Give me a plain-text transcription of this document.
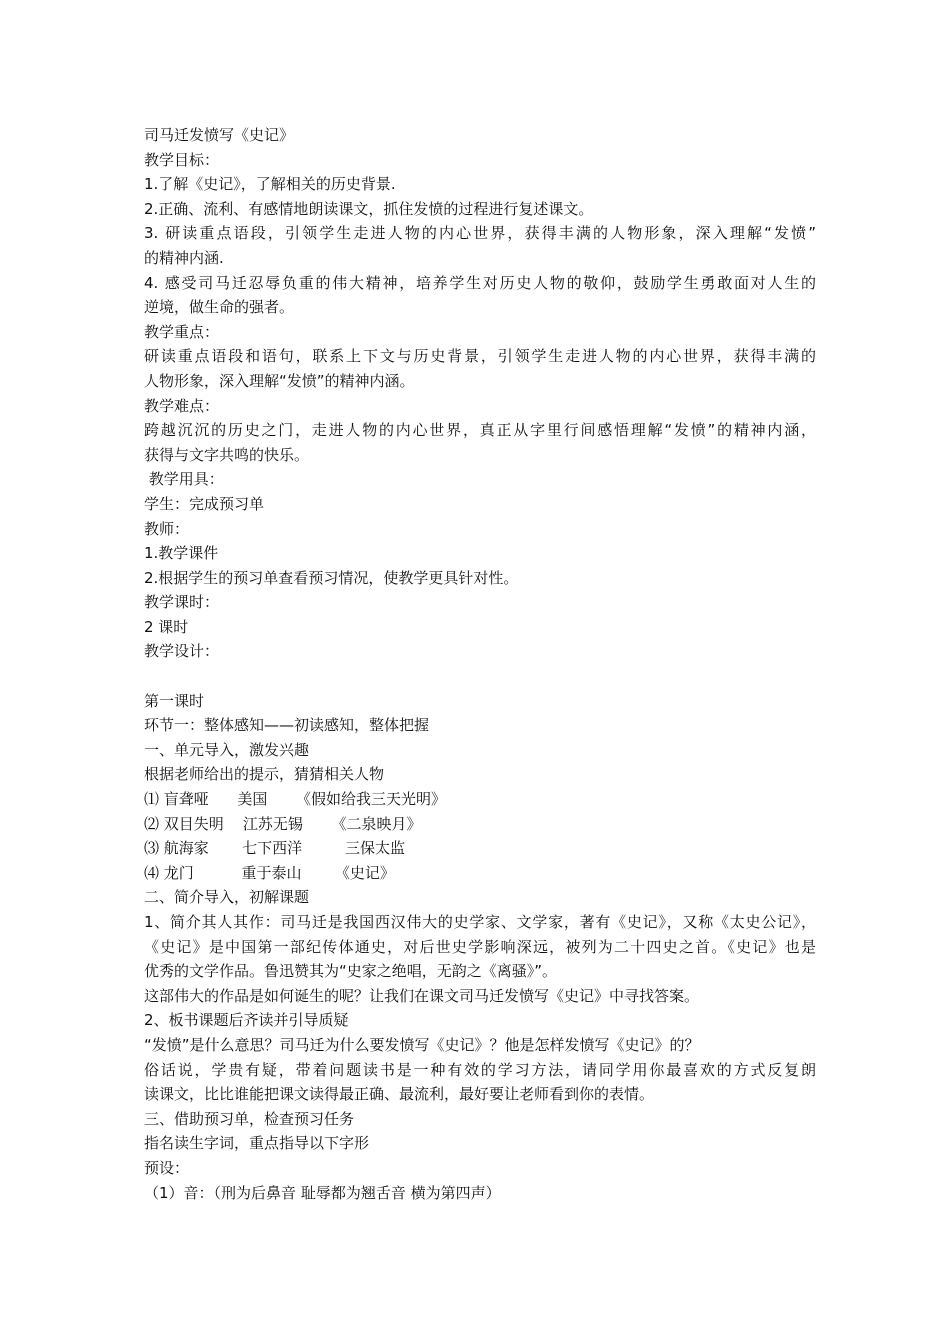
司马迁发愤写《史记》
教学目标：
1.了解《史记》，了解相关的历史背景.
2.正确、流利、有感情地朗读课文，抓住发愤的过程进行复述课文。
3. 研读重点语段，引领学生走进人物的内心世界，获得丰满的人物形象，深入理解“发愤”
的精神内涵.
4. 感受司马迁忍辱负重的伟大精神，培养学生对历史人物的敬仰，鼓励学生勇敢面对人生的
逆境，做生命的强者。
教学重点：
研读重点语段和语句，联系上下文与历史背景，引领学生走进人物的内心世界，获得丰满的
人物形象，深入理解“发愤”的精神内涵。
教学难点：
跨越沉沉的历史之门，走进人物的内心世界，真正从字里行间感悟理解“发愤”的精神内涵，
获得与文字共鸣的快乐。
教学用具：
学生：完成预习单
教师：
1.教学课件
2.根据学生的预习单查看预习情况，使教学更具针对性。
教学课时：
2 课时
教学设计：
第一课时
环节一：整体感知——初读感知，整体把握
一、单元导入，激发兴趣
根据老师给出的提示，猜猜相关人物
⑴ 盲聋哑      美国      《假如给我三天光明》
⑵ 双目失明    江苏无锡      《二泉映月》
⑶ 航海家       七下西洋         三保太监
⑷ 龙门          重于泰山       《史记》
二、简介导入，初解课题
1、简介其人其作：司马迁是我国西汉伟大的史学家、文学家，著有《史记》，又称《太史公记》，
《史记》是中国第一部纪传体通史，对后世史学影响深远，被列为二十四史之首。《史记》也是
优秀的文学作品。鲁迅赞其为“史家之绝唱，无韵之《离骚》”。
这部伟大的作品是如何诞生的呢？让我们在课文司马迁发愤写《史记》中寻找答案。
2、板书课题后齐读并引导质疑
“发愤”是什么意思？司马迁为什么要发愤写《史记》？他是怎样发愤写《史记》的？
俗话说，学贵有疑，带着问题读书是一种有效的学习方法，请同学用你最喜欢的方式反复朗
读课文，比比谁能把课文读得最正确、最流利，最好要让老师看到你的表情。
三、借助预习单，检查预习任务
指名读生字词，重点指导以下字形
预设：
（1）音：（刑为后鼻音 耻辱都为翘舌音 横为第四声）
